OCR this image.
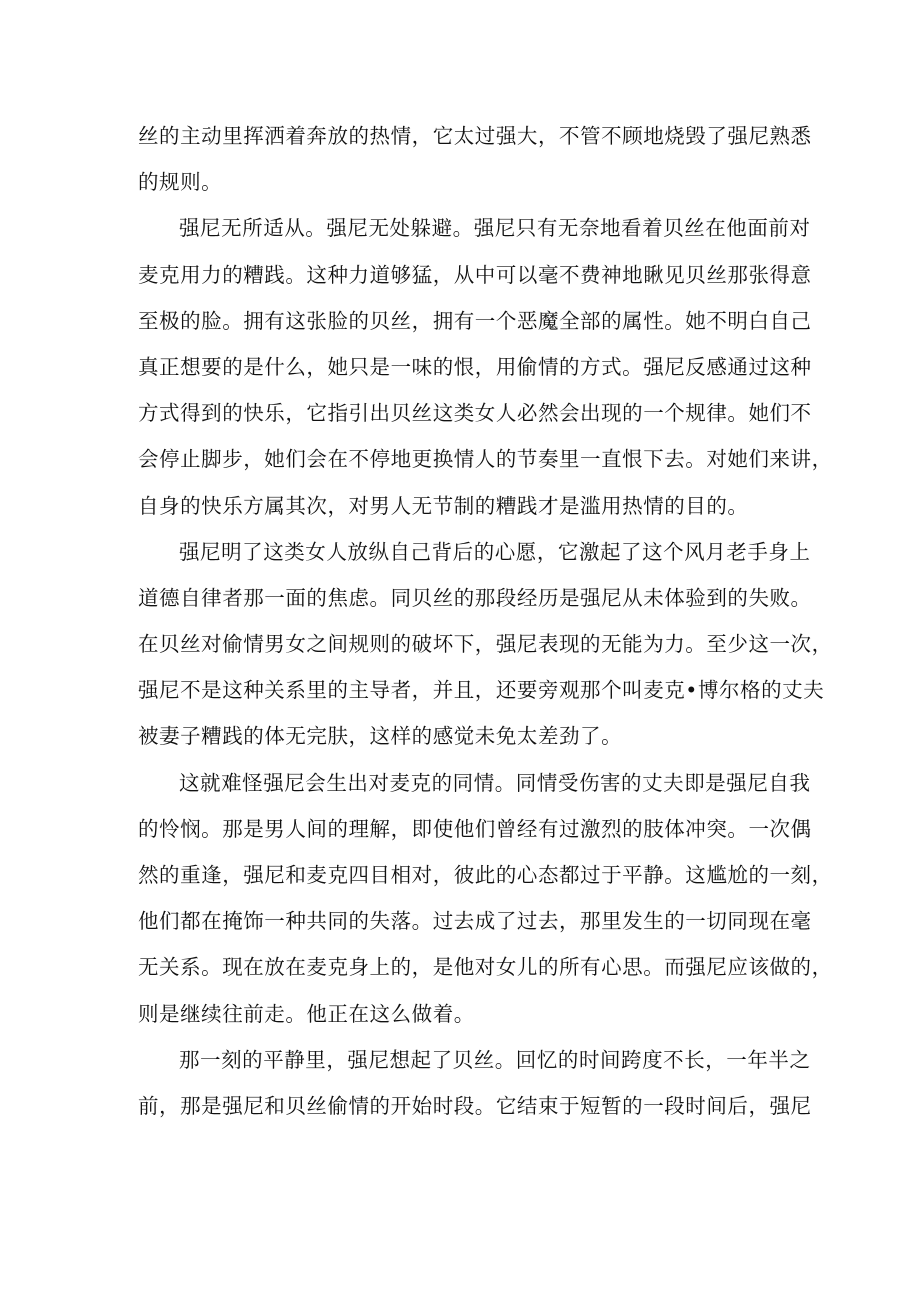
丝的主动里挥洒着奔放的热情，它太过强大，不管不顾地烧毁了强尼熟悉
的规则。
强尼无所适从。强尼无处躲避。强尼只有无奈地看着贝丝在他面前对
麦克用力的糟践。这种力道够猛，从中可以毫不费神地瞅见贝丝那张得意
至极的脸。拥有这张脸的贝丝，拥有一个恶魔全部的属性。她不明白自己
真正想要的是什么，她只是一味的恨，用偷情的方式。强尼反感通过这种
方式得到的快乐，它指引出贝丝这类女人必然会出现的一个规律。她们不
会停止脚步，她们会在不停地更换情人的节奏里一直恨下去。对她们来讲，
自身的快乐方属其次，对男人无节制的糟践才是滥用热情的目的。
强尼明了这类女人放纵自己背后的心愿，它激起了这个风月老手身上
道德自律者那一面的焦虑。同贝丝的那段经历是强尼从未体验到的失败。
在贝丝对偷情男女之间规则的破坏下，强尼表现的无能为力。至少这一次，
强尼不是这种关系里的主导者，并且，还要旁观那个叫麦克•博尔格的丈夫
被妻子糟践的体无完肤，这样的感觉未免太差劲了。
这就难怪强尼会生出对麦克的同情。同情受伤害的丈夫即是强尼自我
的怜悯。那是男人间的理解，即使他们曾经有过激烈的肢体冲突。一次偶
然的重逢，强尼和麦克四目相对，彼此的心态都过于平静。这尴尬的一刻，
他们都在掩饰一种共同的失落。过去成了过去，那里发生的一切同现在毫
无关系。现在放在麦克身上的，是他对女儿的所有心思。而强尼应该做的，
则是继续往前走。他正在这么做着。
那一刻的平静里，强尼想起了贝丝。回忆的时间跨度不长，一年半之
前，那是强尼和贝丝偷情的开始时段。它结束于短暂的一段时间后，强尼
